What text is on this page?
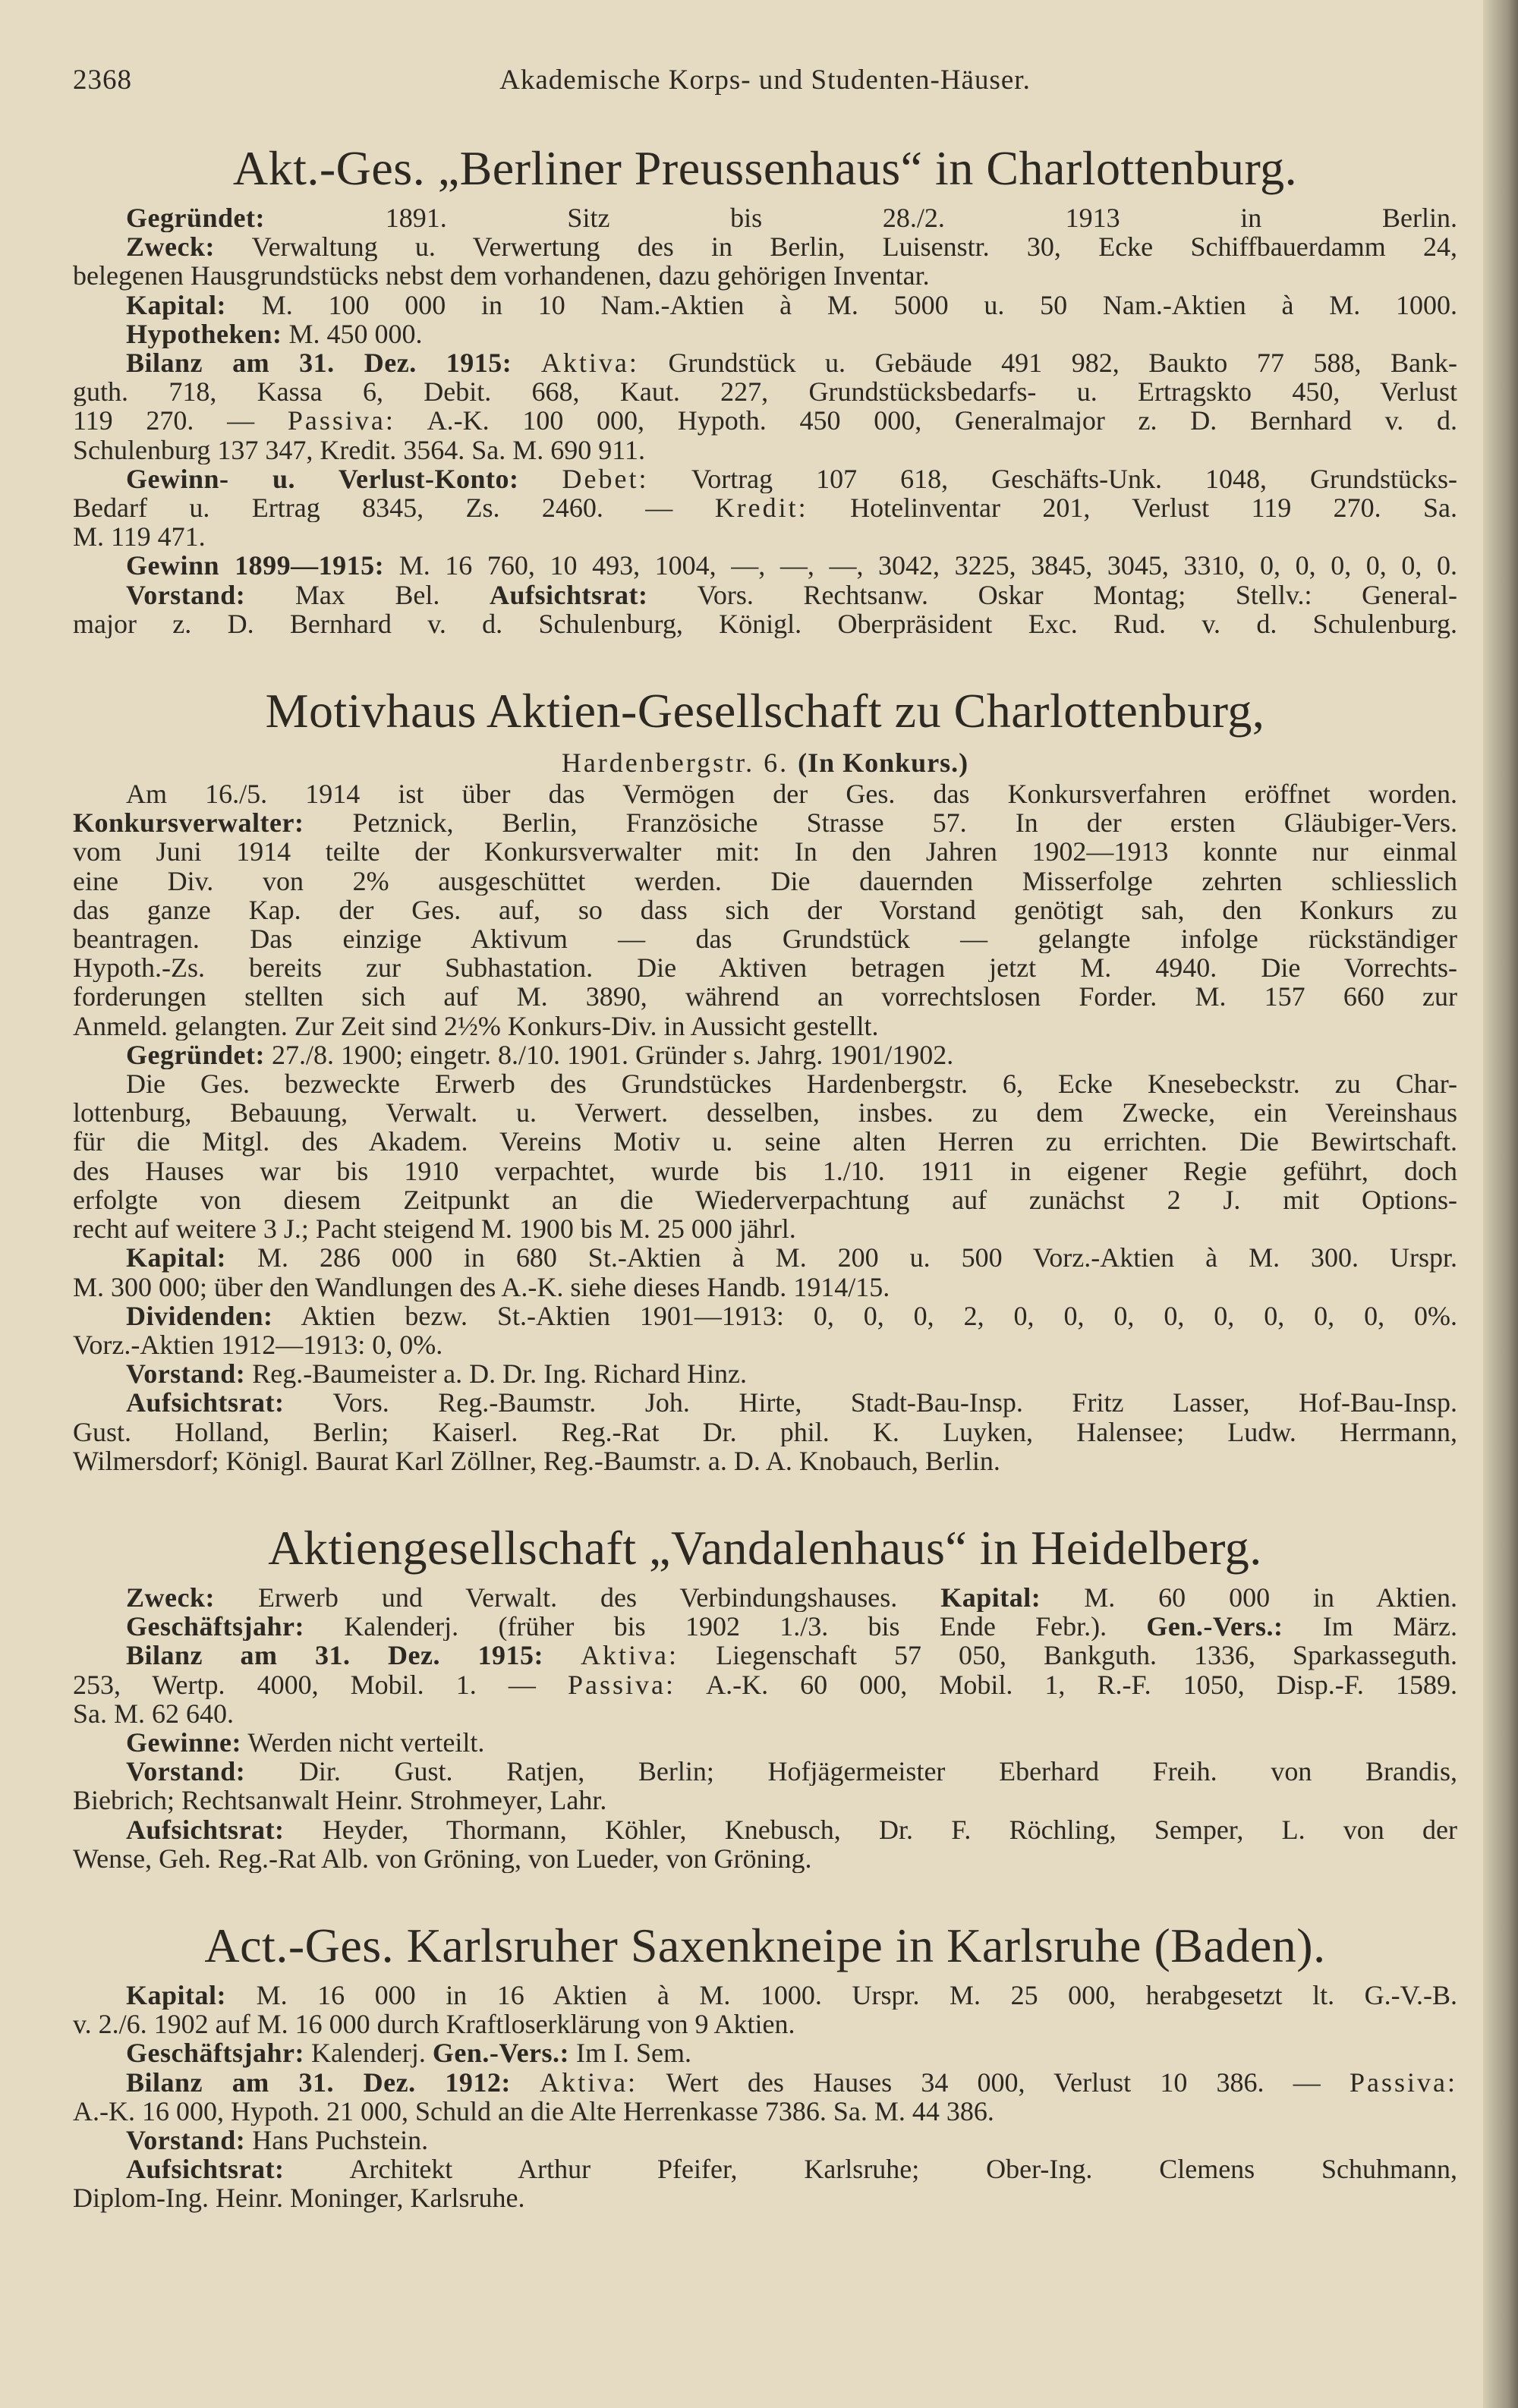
2368	Akademische Korps- und Studenten-Häuser.
Akt.-Ges. „Berliner Preussenhaus“ in Charlottenburg.

Gegründet:	1891. Sitz bis 28./2. 1913 in Berlin.

Zweck: Verwaltung u. Verwertung des in Berlin, Luisenstr. 30, Ecke Schiffbauerdamm 24,

belegenen Hausgrundstücks nebst dem vorhandenen, dazu gehörigen Inventar.

Kapital: M. 100 000 in 10 Nam.-Aktien à M. 5000 u. 50 Nam.-Aktien à M. 1000.

Hypotheken: M. 450 000.

Bilanz am 31. Dez. 1915: Aktiva: Grundstück u. Gebäude 491 982, Baukto 77 588, Bank-

guth. 718, Kassa 6, Debit. 668, Kaut. 227, Grundstücksbedarfs- u. Ertragskto 450, Verlust

119 270. — Passiva: A.-K. 100 000, Hypoth. 450 000, Generalmajor z. D. Bernhard v. d.

Schulenburg 137 347, Kredit. 3564. Sa. M. 690 911.

Gewinn- u. Verlust-Konto: Debet: Vortrag 107 618, Geschäfts-Unk. 1048, Grundstücks-

Bedarf u. Ertrag 8345, Zs. 2460. — Kredit: Hotelinventar 201, Verlust 119 270. Sa.

M. 119 471.

Gewinn 1899—1915: M. 16 760, 10 493, 1004, —, —, —, 3042, 3225, 3845, 3045, 3310, 0, 0, 0, 0, 0, 0.

Vorstand: Max Bel. Aufsichtsrat: Vors. Rechtsanw. Oskar Montag; Stellv.: General-

major z. D. Bernhard v. d. Schulenburg, Königl. Oberpräsident Exc. Rud. v. d. Schulenburg.

Motivhaus Aktien-Gesellschaft zu Charlottenburg,
Hardenbergstr. 6. (In Konkurs.)

Am 16./5. 1914 ist über das Vermögen der Ges. das Konkursverfahren eröffnet worden.

Konkursverwalter: Petznick, Berlin, Französiche Strasse 57. In der ersten Gläubiger-Vers.

vom Juni 1914 teilte der Konkursverwalter mit: In den Jahren 1902—1913 konnte nur einmal

eine Div. von 2% ausgeschüttet werden. Die dauernden Misserfolge zehrten schliesslich

das ganze Kap. der Ges. auf, so dass sich der Vorstand genötigt sah, den Konkurs zu

beantragen. Das einzige Aktivum — das Grundstück — gelangte infolge rückständiger

Hypoth.-Zs. bereits zur Subhastation. Die Aktiven betragen jetzt M. 4940. Die Vorrechts-

forderungen stellten sich auf M. 3890, während an vorrechtslosen Forder. M. 157 660 zur

Anmeld. gelangten. Zur Zeit sind 2½% Konkurs-Div. in Aussicht gestellt.

Gegründet: 27./8. 1900; eingetr. 8./10. 1901. Gründer s. Jahrg. 1901/1902.

Die Ges. bezweckte Erwerb des Grundstückes Hardenbergstr. 6, Ecke Knesebeckstr. zu Char-

lottenburg, Bebauung, Verwalt. u. Verwert. desselben, insbes. zu dem Zwecke, ein Vereinshaus

für die Mitgl. des Akadem. Vereins Motiv u. seine alten Herren zu errichten. Die Bewirtschaft.

des Hauses war bis 1910 verpachtet, wurde bis 1./10. 1911 in eigener Regie geführt, doch

erfolgte von diesem Zeitpunkt an die Wiederverpachtung auf zunächst 2 J. mit Options-

recht auf weitere 3 J.; Pacht steigend M. 1900 bis M. 25 000 jährl.

Kapital: M. 286 000 in 680 St.-Aktien à M. 200 u. 500 Vorz.-Aktien à M. 300. Urspr.

M. 300 000; über den Wandlungen des A.-K. siehe dieses Handb. 1914/15.

Dividenden: Aktien bezw. St.-Aktien 1901—1913: 0, 0, 0, 2, 0, 0, 0, 0, 0, 0, 0, 0, 0%.

Vorz.-Aktien 1912—1913: 0, 0%.

Vorstand: Reg.-Baumeister a. D. Dr. Ing. Richard Hinz.

Aufsichtsrat: Vors. Reg.-Baumstr. Joh. Hirte, Stadt-Bau-Insp. Fritz Lasser, Hof-Bau-Insp.

Gust. Holland, Berlin; Kaiserl. Reg.-Rat Dr. phil. K. Luyken, Halensee; Ludw. Herrmann,

Wilmersdorf; Königl. Baurat Karl Zöllner, Reg.-Baumstr. a. D. A. Knobauch, Berlin.

Aktiengesellschaft „Vandalenhaus“ in Heidelberg.

Zweck: Erwerb und Verwalt. des Verbindungshauses. Kapital: M. 60 000 in Aktien.

Geschäftsjahr: Kalenderj. (früher bis 1902 1./3. bis Ende Febr.). Gen.-Vers.: Im März.

Bilanz am 31. Dez. 1915: Aktiva: Liegenschaft 57 050, Bankguth. 1336, Sparkasseguth.

253, Wertp. 4000, Mobil. 1. — Passiva: A.-K. 60 000, Mobil. 1, R.-F. 1050, Disp.-F. 1589.

Sa. M. 62 640.

Gewinne: Werden nicht verteilt.

Vorstand: Dir. Gust. Ratjen, Berlin; Hofjägermeister Eberhard Freih. von Brandis,

Biebrich; Rechtsanwalt Heinr. Strohmeyer, Lahr.

Aufsichtsrat: Heyder, Thormann, Köhler, Knebusch, Dr. F. Röchling, Semper, L. von der

Wense, Geh. Reg.-Rat Alb. von Gröning, von Lueder, von Gröning.

Act.-Ges. Karlsruher Saxenkneipe in Karlsruhe (Baden).

Kapital: M. 16 000 in 16 Aktien à M. 1000. Urspr. M. 25 000, herabgesetzt lt. G.-V.-B.

v. 2./6. 1902 auf M. 16 000 durch Kraftloserklärung von 9 Aktien.

Geschäftsjahr: Kalenderj. Gen.-Vers.: Im I. Sem.

Bilanz am 31. Dez. 1912: Aktiva: Wert des Hauses 34 000, Verlust 10 386. — Passiva:

A.-K. 16 000, Hypoth. 21 000, Schuld an die Alte Herrenkasse 7386. Sa. M. 44 386.

Vorstand: Hans Puchstein.

Aufsichtsrat: Architekt Arthur Pfeifer, Karlsruhe; Ober-Ing. Clemens Schuhmann,

Diplom-Ing. Heinr. Moninger, Karlsruhe.
